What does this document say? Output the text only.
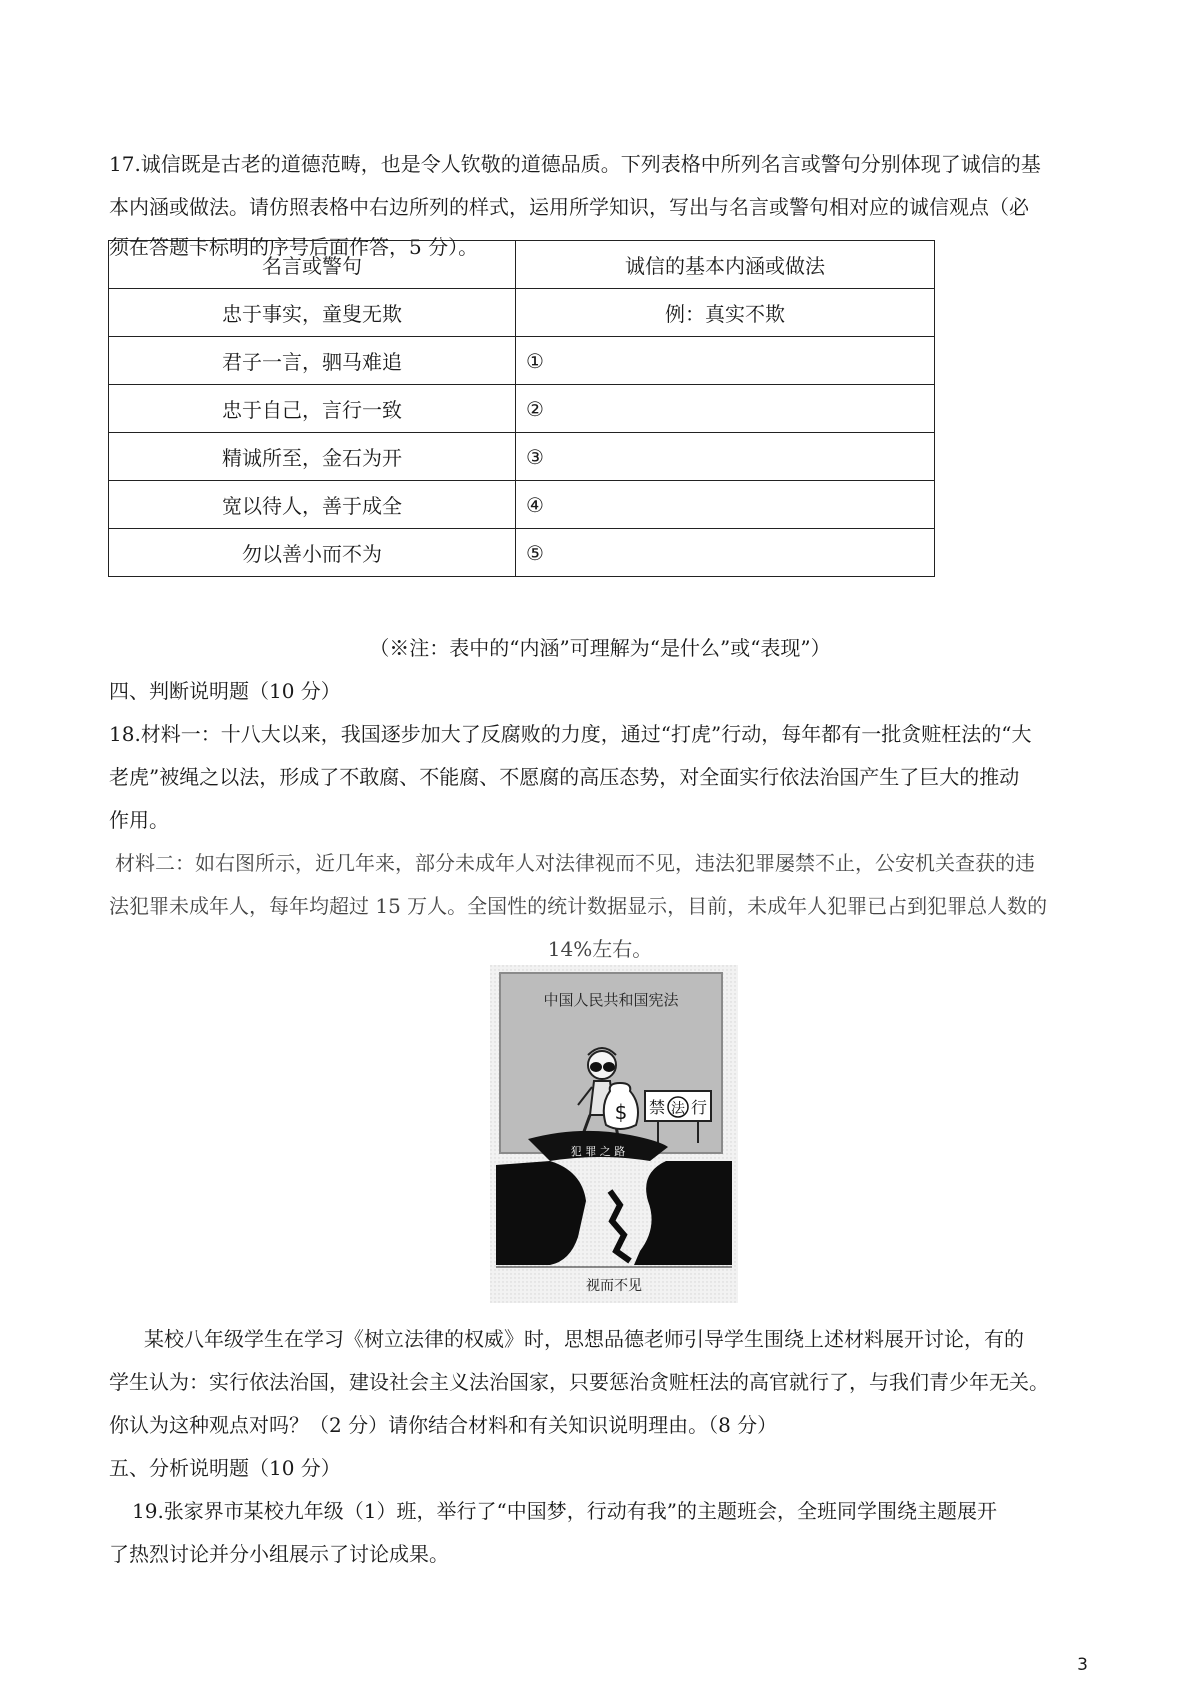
17.诚信既是古老的道德范畴，也是令人钦敬的道德品质。下列表格中所列名言或警句分别体现了诚信的基
本内涵或做法。请仿照表格中右边所列的样式，运用所学知识，写出与名言或警句相对应的诚信观点（必
须在答题卡标明的序号后面作答，5 分）。
名言或警句	诚信的基本内涵或做法
忠于事实，童叟无欺	例：真实不欺
君子一言，驷马难追	①
忠于自己，言行一致	②
精诚所至，金石为开	③
宽以待人，善于成全	④
勿以善小而不为	⑤
（※注：表中的“内涵”可理解为“是什么”或“表现”）
四、判断说明题（10 分）
18.材料一：十八大以来，我国逐步加大了反腐败的力度，通过“打虎”行动，每年都有一批贪赃枉法的“大
老虎”被绳之以法，形成了不敢腐、不能腐、不愿腐的高压态势，对全面实行依法治国产生了巨大的推动
作用。
材料二：如右图所示，近几年来，部分未成年人对法律视而不见，违法犯罪屡禁不止，公安机关查获的违
法犯罪未成年人，每年均超过 15 万人。全国性的统计数据显示，目前，未成年人犯罪已占到犯罪总人数的
14%左右。
中国人民共和国宪法
$ 禁 法 行
犯 罪 之 路
视而不见
某校八年级学生在学习《树立法律的权威》时，思想品德老师引导学生围绕上述材料展开讨论，有的
学生认为：实行依法治国，建设社会主义法治国家，只要惩治贪赃枉法的高官就行了，与我们青少年无关。
你认为这种观点对吗？（2 分）请你结合材料和有关知识说明理由。（8 分）
五、分析说明题（10 分）
19.张家界市某校九年级（1）班，举行了“中国梦，行动有我”的主题班会，全班同学围绕主题展开
了热烈讨论并分小组展示了讨论成果。
3
